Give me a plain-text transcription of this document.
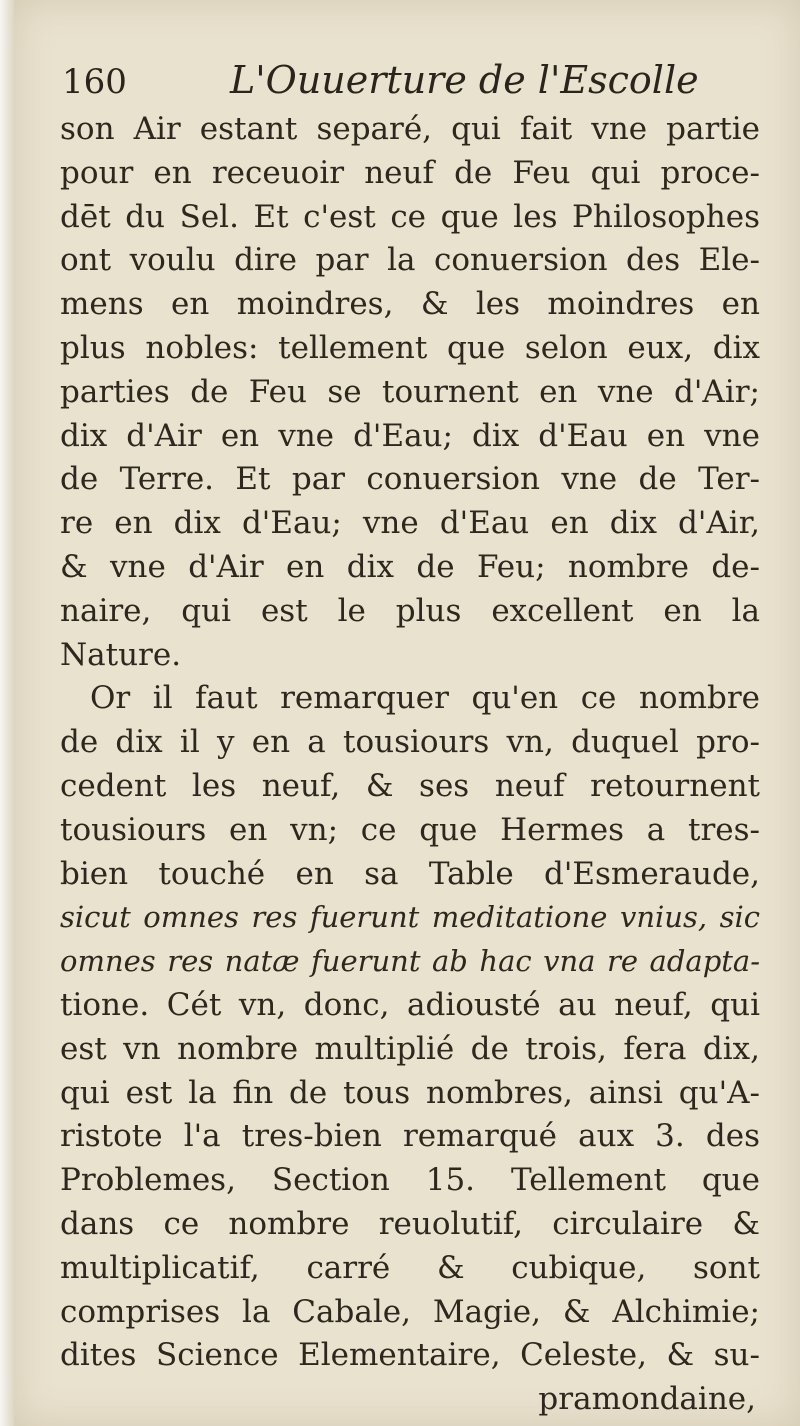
160	L'Ouuerture de l'Escolle
son Air estant separé, qui fait vne partie
pour en receuoir neuf de Feu qui proce-
dēt du Sel. Et c'est ce que les Philosophes
ont voulu dire par la conuersion des Ele-
mens en moindres, & les moindres en
plus nobles: tellement que selon eux, dix
parties de Feu se tournent en vne d'Air;
dix d'Air en vne d'Eau; dix d'Eau en vne
de Terre. Et par conuersion vne de Ter-
re en dix d'Eau; vne d'Eau en dix d'Air,
& vne d'Air en dix de Feu; nombre de-
naire, qui est le plus excellent en la
Nature.
Or il faut remarquer qu'en ce nombre
de dix il y en a tousiours vn, duquel pro-
cedent les neuf, & ses neuf retournent
tousiours en vn; ce que Hermes a tres-
bien touché en sa Table d'Esmeraude,
sicut omnes res fuerunt meditatione vnius, sic
omnes res natæ fuerunt ab hac vna re adapta-
tione. Cét vn, donc, adiousté au neuf, qui
est vn nombre multiplié de trois, fera dix,
qui est la fin de tous nombres, ainsi qu'A-
ristote l'a tres-bien remarqué aux 3. des
Problemes, Section 15. Tellement que
dans ce nombre reuolutif, circulaire &
multiplicatif, carré & cubique, sont
comprises la Cabale, Magie, & Alchimie;
dites Science Elementaire, Celeste, & su-
pramondaine,
